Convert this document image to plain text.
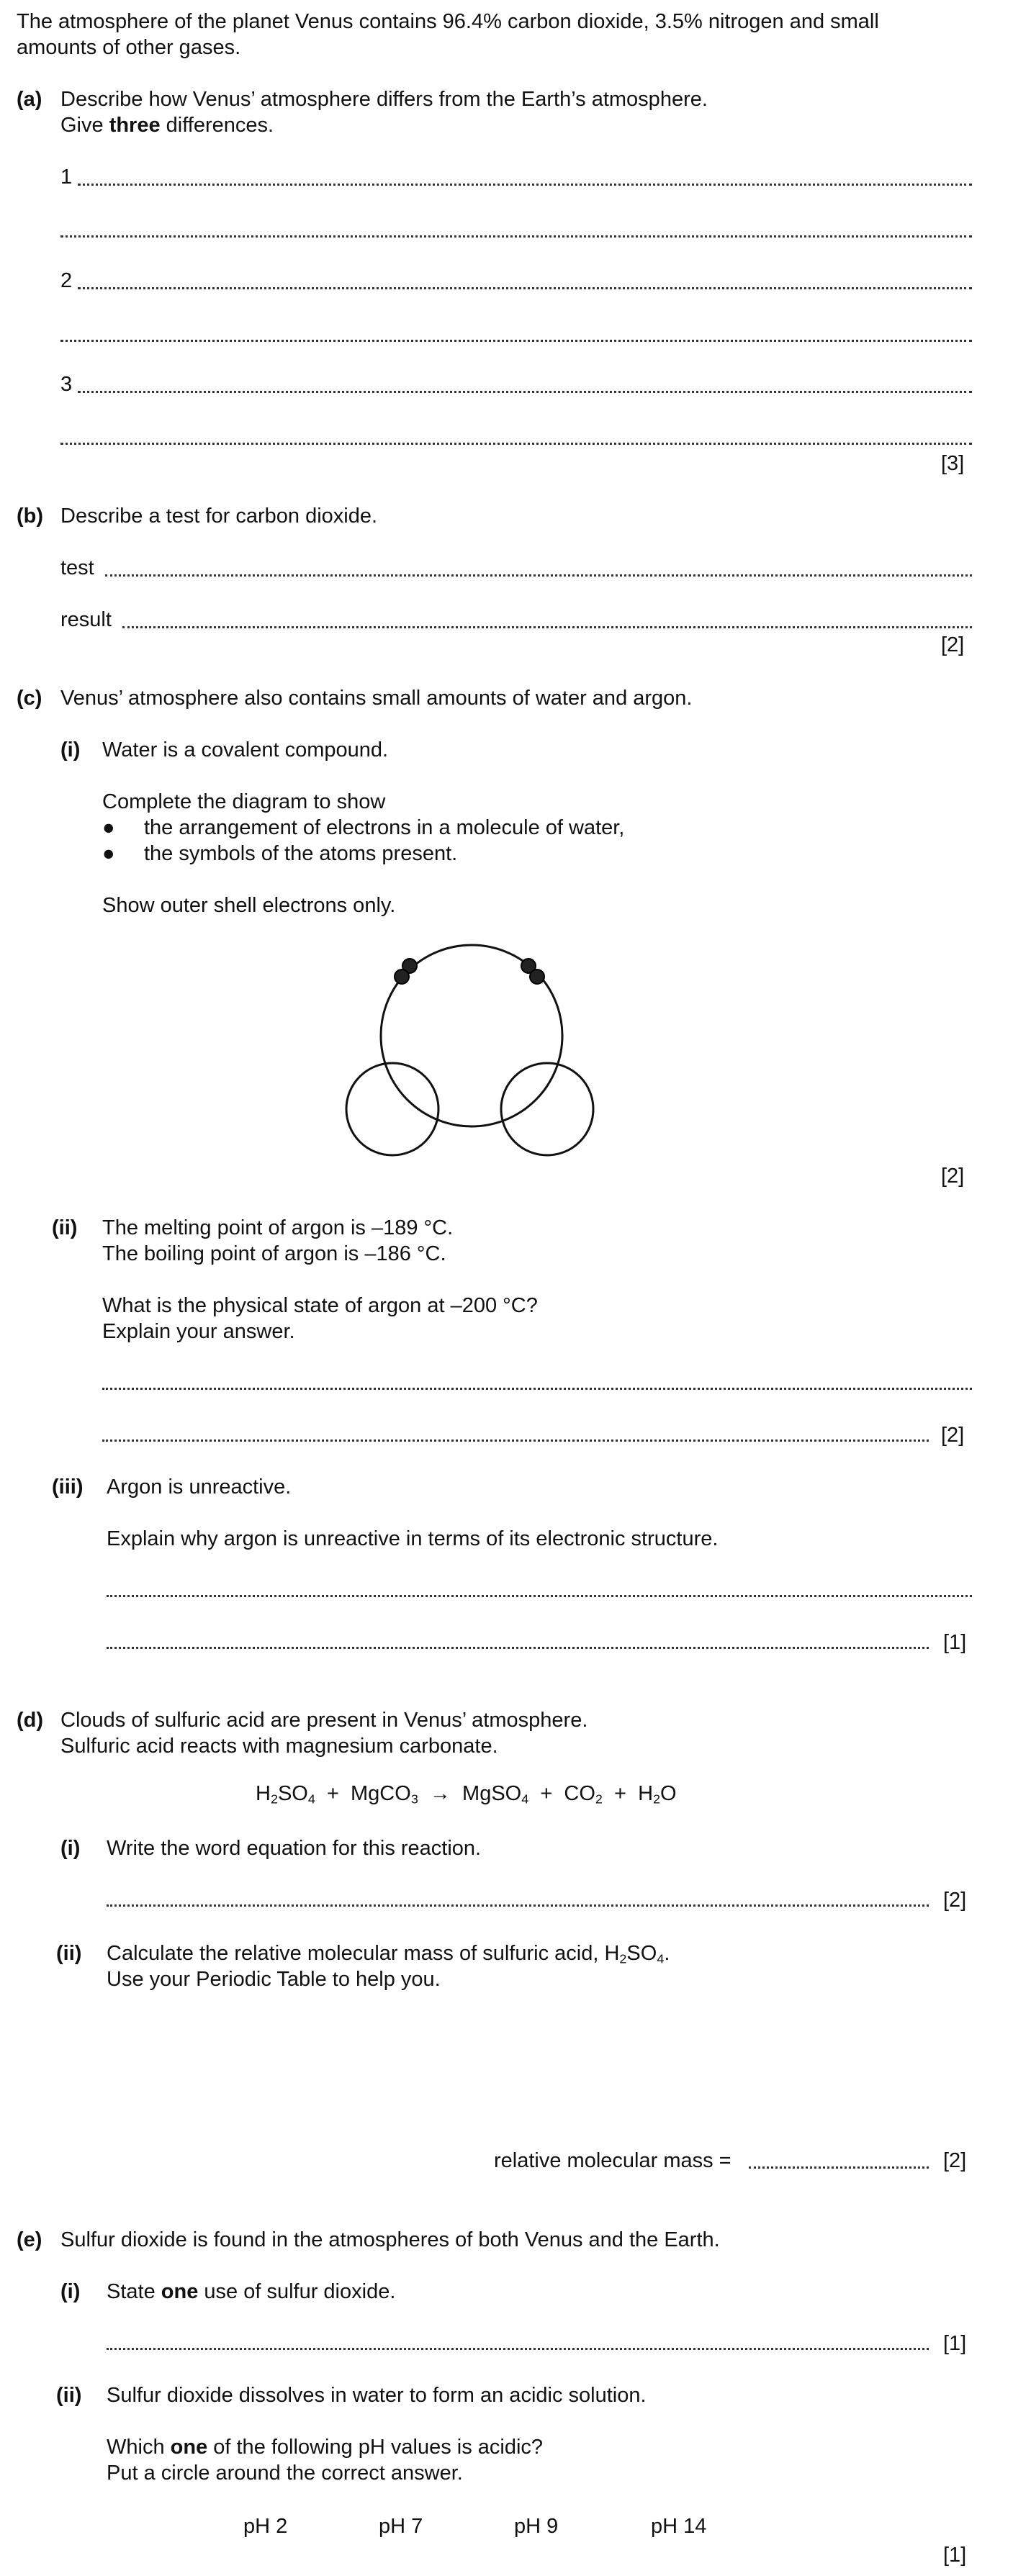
The atmosphere of the planet Venus contains 96.4% carbon dioxide, 3.5% nitrogen and small
amounts of other gases.
(a) Describe how Venus’ atmosphere differs from the Earth’s atmosphere.
Give three differences.
1
2
3
[3]
(b) Describe a test for carbon dioxide.
test
result
[2]
(c) Venus’ atmosphere also contains small amounts of water and argon.
(i) Water is a covalent compound.
Complete the diagram to show
● the arrangement of electrons in a molecule of water,
● the symbols of the atoms present.
Show outer shell electrons only.
[2]
(ii) The melting point of argon is –189 °C.
The boiling point of argon is –186 °C.
What is the physical state of argon at –200 °C?
Explain your answer.
[2]
(iii) Argon is unreactive.
Explain why argon is unreactive in terms of its electronic structure.
[1]
(d) Clouds of sulfuric acid are present in Venus’ atmosphere.
Sulfuric acid reacts with magnesium carbonate.
$H_2SO_4$  +  MgCO$_3$  →  MgSO$_4$  +  $CO_2 + H_2O$
(i) Write the word equation for this reaction.
[2]
(ii) Calculate the relative molecular mass of sulfuric acid, $H_2SO_4$.
Use your Periodic Table to help you.
relative molecular mass =	[2]
(e) Sulfur dioxide is found in the atmospheres of both Venus and the Earth.
(i) State one use of sulfur dioxide.
[1]
(ii) Sulfur dioxide dissolves in water to form an acidic solution.
Which one of the following pH values is acidic?
Put a circle around the correct answer.
pH 2	pH 7	pH 9	pH 14
[1]
